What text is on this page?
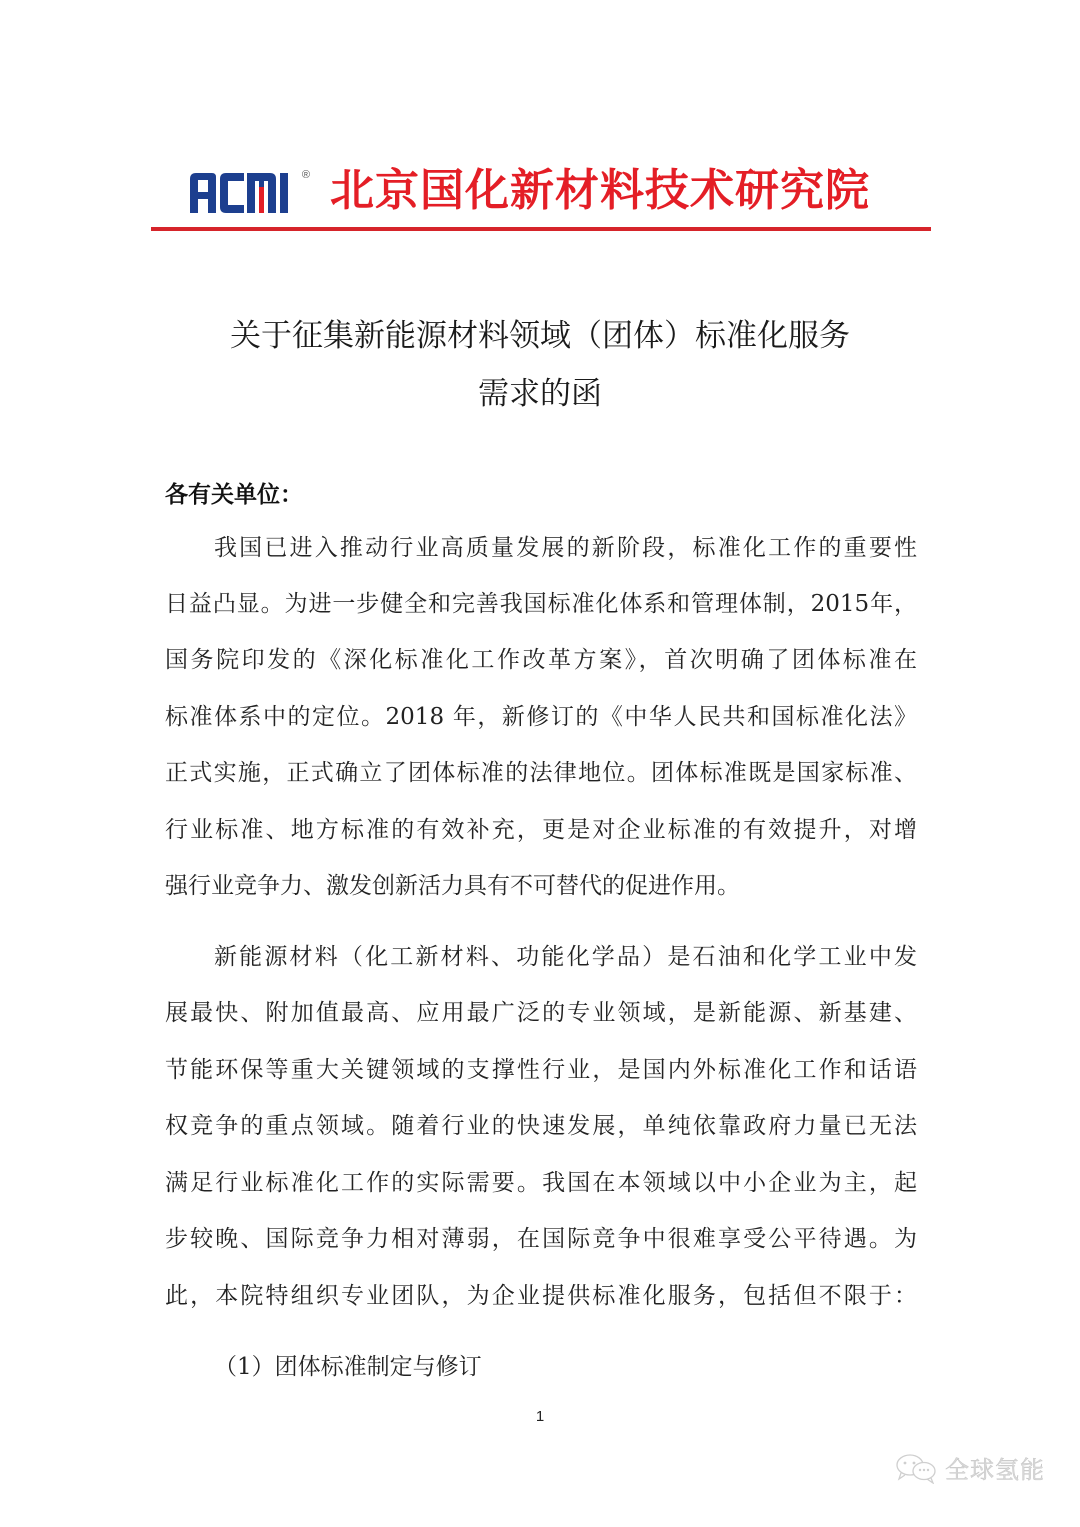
® 北京国化新材料技术研究院
关于征集新能源材料领域（团体）标准化服务
需求的函
各有关单位：
我国已进入推动行业高质量发展的新阶段，标准化工作的重要性
日益凸显。为进一步健全和完善我国标准化体系和管理体制，2015年，
国务院印发的《深化标准化工作改革方案》，首次明确了团体标准在
标准体系中的定位。2018 年，新修订的《中华人民共和国标准化法》
正式实施，正式确立了团体标准的法律地位。团体标准既是国家标准、
行业标准、地方标准的有效补充，更是对企业标准的有效提升，对增
强行业竞争力、激发创新活力具有不可替代的促进作用。
新能源材料（化工新材料、功能化学品）是石油和化学工业中发
展最快、附加值最高、应用最广泛的专业领域，是新能源、新基建、
节能环保等重大关键领域的支撑性行业，是国内外标准化工作和话语
权竞争的重点领域。随着行业的快速发展，单纯依靠政府力量已无法
满足行业标准化工作的实际需要。我国在本领域以中小企业为主，起
步较晚、国际竞争力相对薄弱，在国际竞争中很难享受公平待遇。为
此，本院特组织专业团队，为企业提供标准化服务，包括但不限于：
（1）团体标准制定与修订
1
全球氢能
